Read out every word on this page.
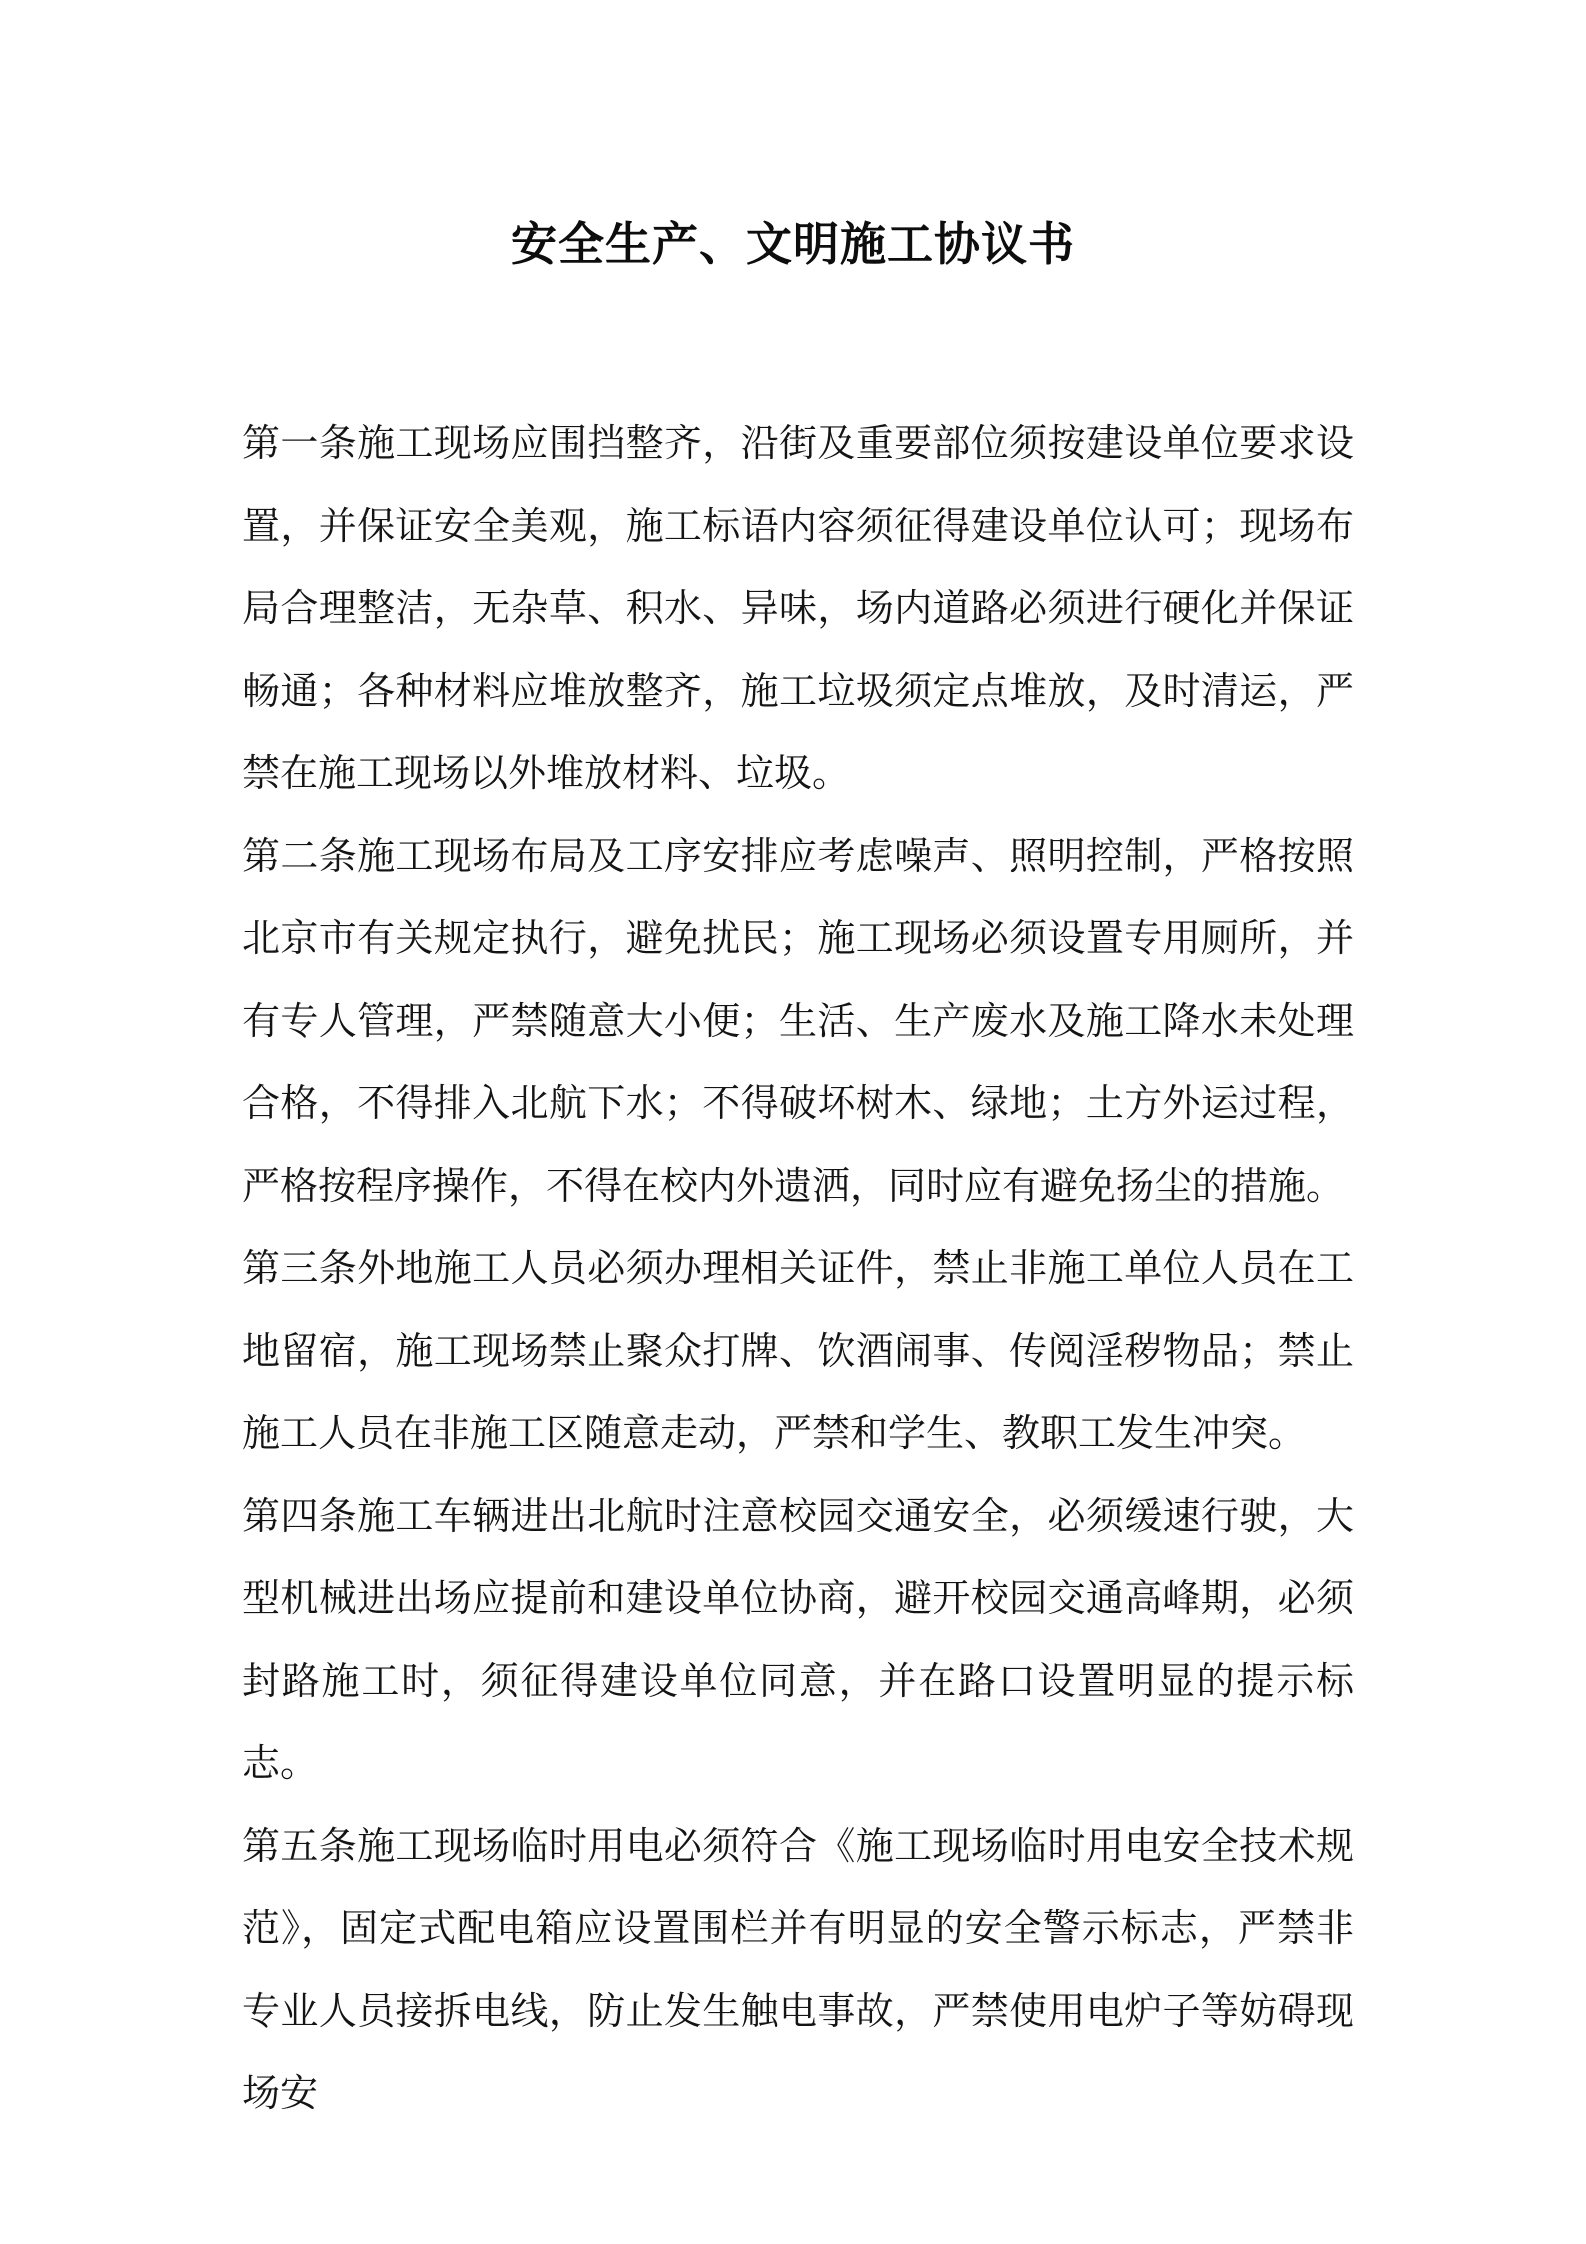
安全生产、文明施工协议书

第一条施工现场应围挡整齐，沿街及重要部位须按建设单位要求设置，并保证安全美观，施工标语内容须征得建设单位认可；现场布局合理整洁，无杂草、积水、异味，场内道路必须进行硬化并保证畅通；各种材料应堆放整齐，施工垃圾须定点堆放，及时清运，严禁在施工现场以外堆放材料、垃圾。

第二条施工现场布局及工序安排应考虑噪声、照明控制，严格按照北京市有关规定执行，避免扰民；施工现场必须设置专用厕所，并有专人管理，严禁随意大小便；生活、生产废水及施工降水未处理合格，不得排入北航下水；不得破坏树木、绿地；土方外运过程，严格按程序操作，不得在校内外遗洒，同时应有避免扬尘的措施。

第三条外地施工人员必须办理相关证件，禁止非施工单位人员在工地留宿，施工现场禁止聚众打牌、饮酒闹事、传阅淫秽物品；禁止施工人员在非施工区随意走动，严禁和学生、教职工发生冲突。

第四条施工车辆进出北航时注意校园交通安全，必须缓速行驶，大型机械进出场应提前和建设单位协商，避开校园交通高峰期，必须封路施工时，须征得建设单位同意，并在路口设置明显的提示标志。

第五条施工现场临时用电必须符合《施工现场临时用电安全技术规范》，固定式配电箱应设置围栏并有明显的安全警示标志，严禁非专业人员接拆电线，防止发生触电事故，严禁使用电炉子等妨碍现场安
